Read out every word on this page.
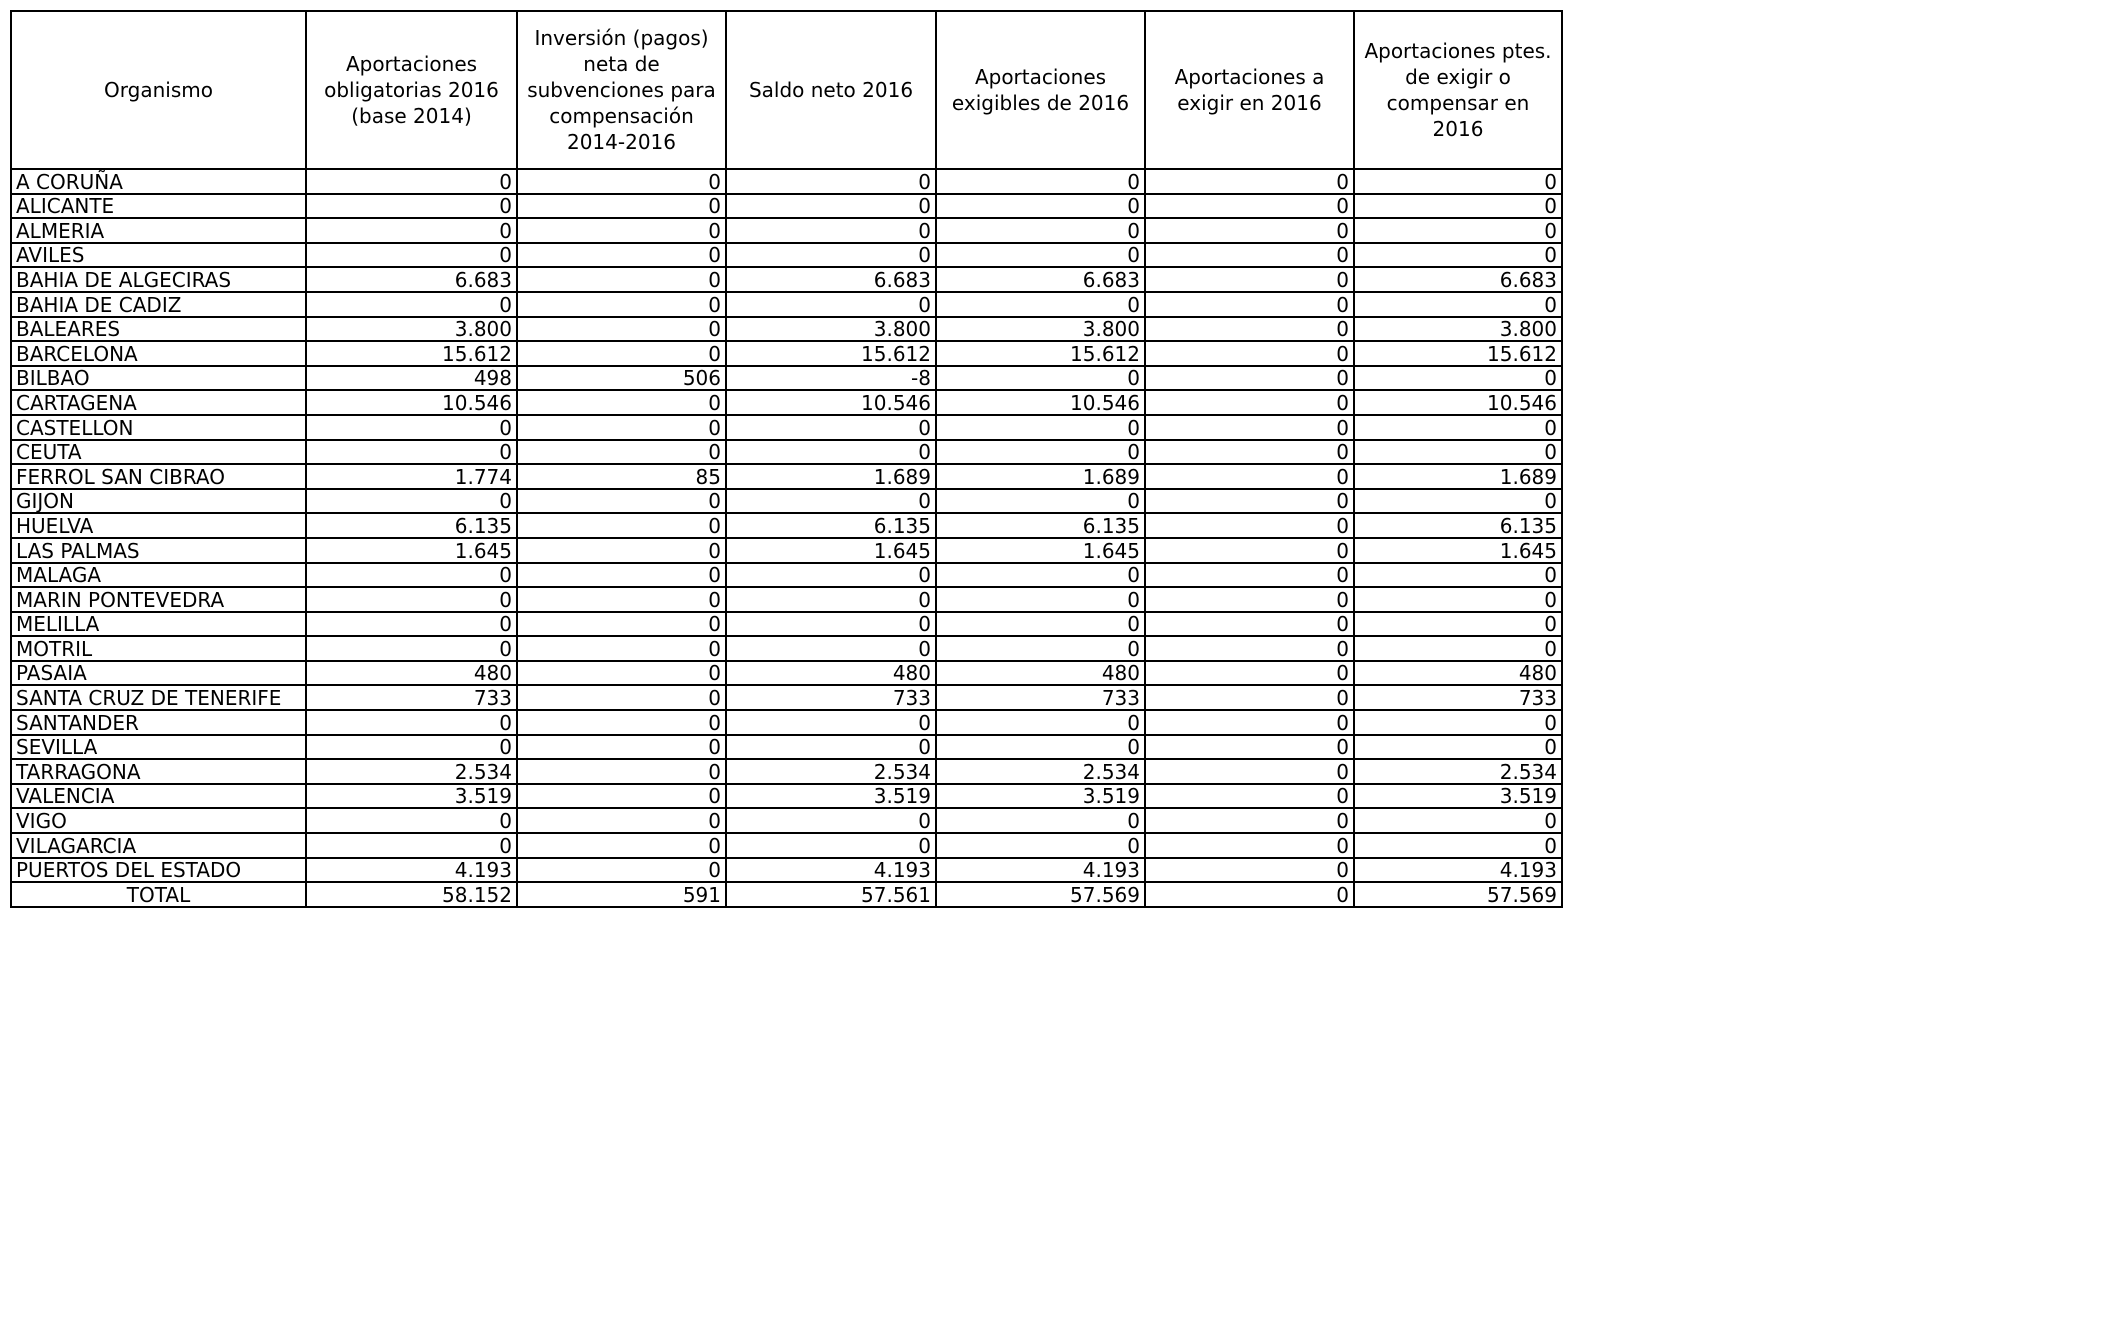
Organismo	Aportaciones obligatorias 2016 (base 2014)	Inversión (pagos) neta de subvenciones para compensación 2014-2016	Saldo neto 2016	Aportaciones exigibles de 2016	Aportaciones a exigir en 2016	Aportaciones ptes. de exigir o compensar en 2016
A CORUÑA	0	0	0	0	0	0
ALICANTE	0	0	0	0	0	0
ALMERIA	0	0	0	0	0	0
AVILES	0	0	0	0	0	0
BAHIA DE ALGECIRAS	6.683	0	6.683	6.683	0	6.683
BAHIA DE CADIZ	0	0	0	0	0	0
BALEARES	3.800	0	3.800	3.800	0	3.800
BARCELONA	15.612	0	15.612	15.612	0	15.612
BILBAO	498	506	-8	0	0	0
CARTAGENA	10.546	0	10.546	10.546	0	10.546
CASTELLON	0	0	0	0	0	0
CEUTA	0	0	0	0	0	0
FERROL SAN CIBRAO	1.774	85	1.689	1.689	0	1.689
GIJON	0	0	0	0	0	0
HUELVA	6.135	0	6.135	6.135	0	6.135
LAS PALMAS	1.645	0	1.645	1.645	0	1.645
MALAGA	0	0	0	0	0	0
MARIN PONTEVEDRA	0	0	0	0	0	0
MELILLA	0	0	0	0	0	0
MOTRIL	0	0	0	0	0	0
PASAIA	480	0	480	480	0	480
SANTA CRUZ DE TENERIFE	733	0	733	733	0	733
SANTANDER	0	0	0	0	0	0
SEVILLA	0	0	0	0	0	0
TARRAGONA	2.534	0	2.534	2.534	0	2.534
VALENCIA	3.519	0	3.519	3.519	0	3.519
VIGO	0	0	0	0	0	0
VILAGARCIA	0	0	0	0	0	0
PUERTOS DEL ESTADO	4.193	0	4.193	4.193	0	4.193
TOTAL	58.152	591	57.561	57.569	0	57.569
